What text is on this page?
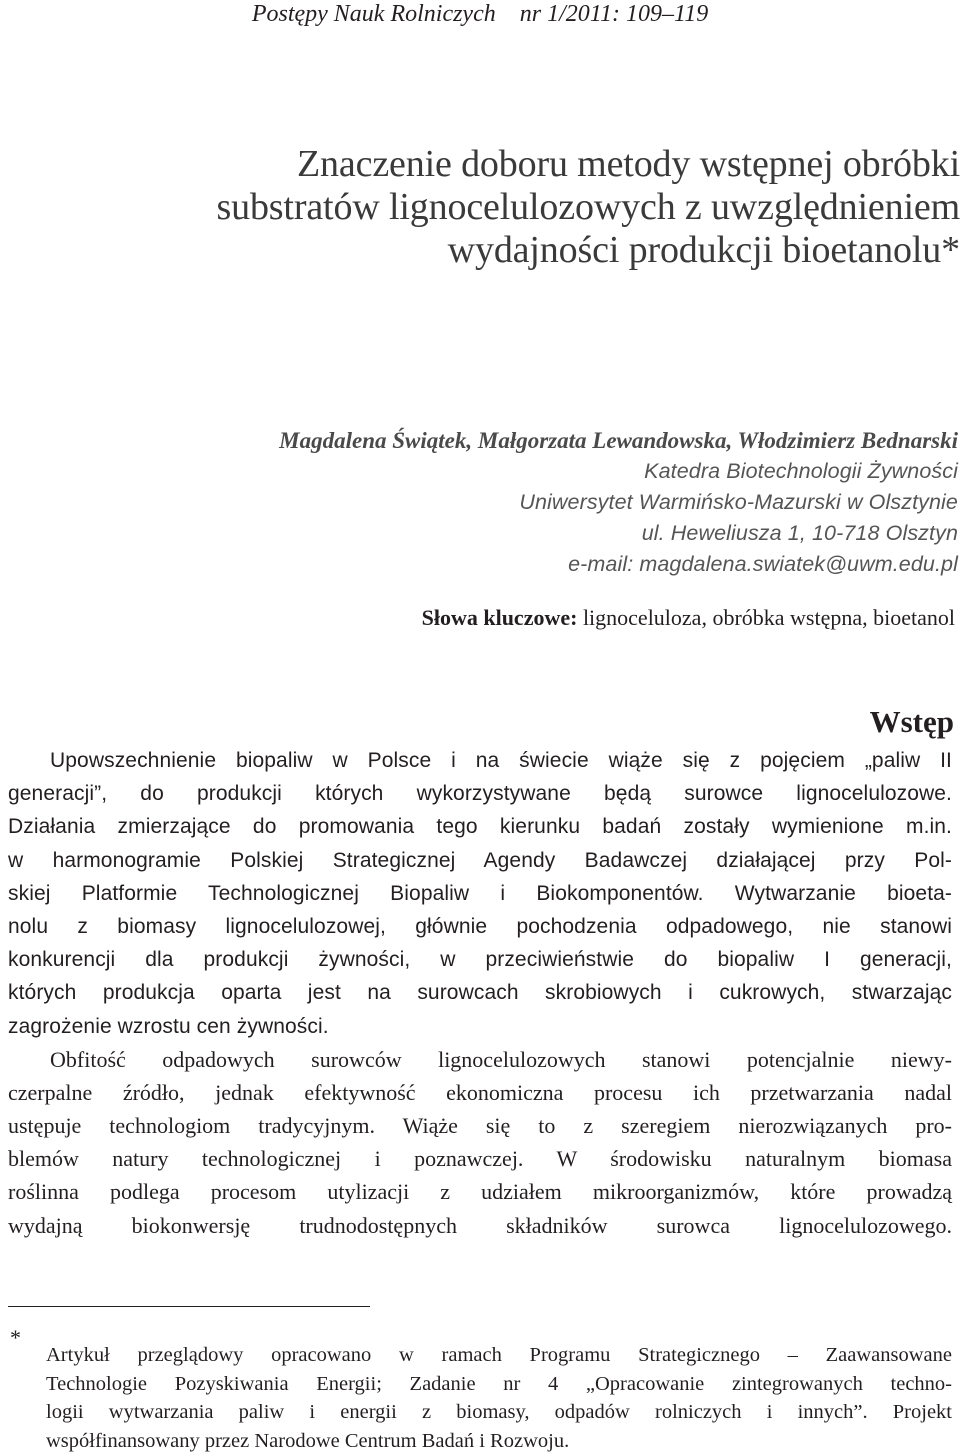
Postępy Nauk Rolniczych nr 1/2011: 109–119
Znaczenie doboru metody wstępnej obróbki
substratów lignocelulozowych z uwzględnieniem
wydajności produkcji bioetanolu*
Magdalena Świątek, Małgorzata Lewandowska, Włodzimierz Bednarski
Katedra Biotechnologii Żywności
Uniwersytet Warmińsko-Mazurski w Olsztynie
ul. Heweliusza 1, 10-718 Olsztyn
e-mail: magdalena.swiatek@uwm.edu.pl
Słowa kluczowe: lignoceluloza, obróbka wstępna, bioetanol
Wstęp
Upowszechnienie biopaliw w Polsce i na świecie wiąże się z pojęciem „paliw II
generacji”, do produkcji których wykorzystywane będą surowce lignocelulozowe.
Działania zmierzające do promowania tego kierunku badań zostały wymienione m.in.
w harmonogramie Polskiej Strategicznej Agendy Badawczej działającej przy Pol-
skiej Platformie Technologicznej Biopaliw i Biokomponentów. Wytwarzanie bioeta-
nolu z biomasy lignocelulozowej, głównie pochodzenia odpadowego, nie stanowi
konkurencji dla produkcji żywności, w przeciwieństwie do biopaliw I generacji,
których produkcja oparta jest na surowcach skrobiowych i cukrowych, stwarzając
zagrożenie wzrostu cen żywności.
Obfitość odpadowych surowców lignocelulozowych stanowi potencjalnie niewy-
czerpalne źródło, jednak efektywność ekonomiczna procesu ich przetwarzania nadal
ustępuje technologiom tradycyjnym. Wiąże się to z szeregiem nierozwiązanych pro-
blemów natury technologicznej i poznawczej. W środowisku naturalnym biomasa
roślinna podlega procesom utylizacji z udziałem mikroorganizmów, które prowadzą
wydajną biokonwersję trudnodostępnych składników surowca lignocelulozowego.
*
Artykuł przeglądowy opracowano w ramach Programu Strategicznego – Zaawansowane
Technologie Pozyskiwania Energii; Zadanie nr 4 „Opracowanie zintegrowanych techno-
logii wytwarzania paliw i energii z biomasy, odpadów rolniczych i innych”. Projekt
współfinansowany przez Narodowe Centrum Badań i Rozwoju.
